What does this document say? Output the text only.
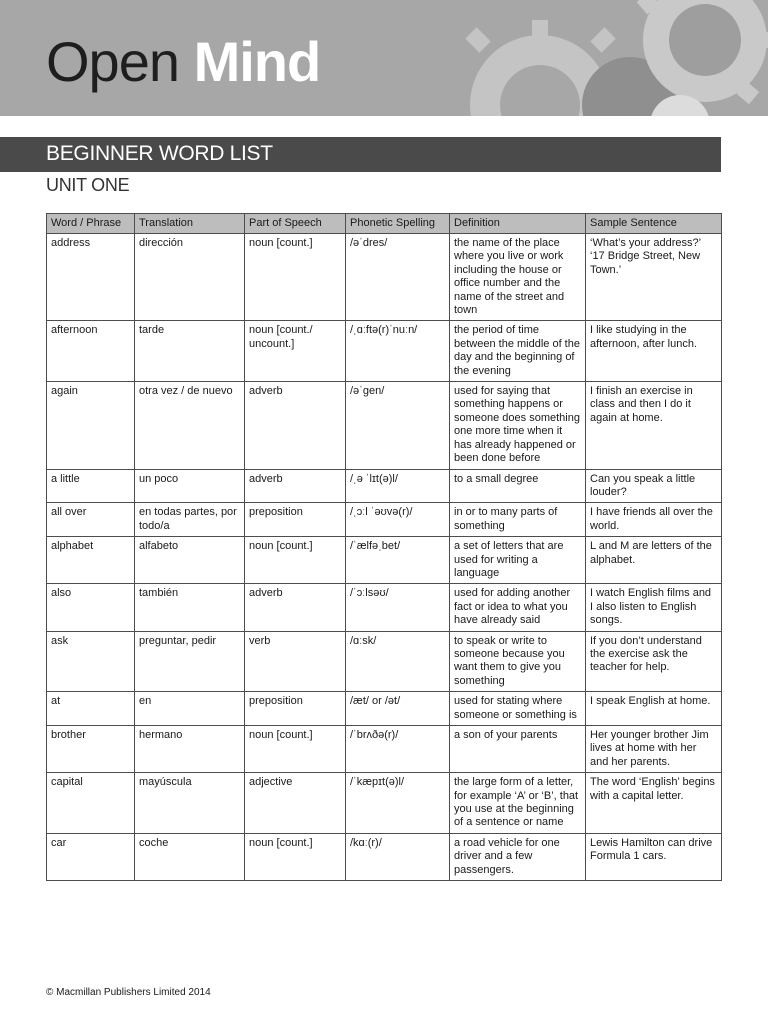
Open Mind
BEGINNER WORD LIST
UNIT ONE
Word / Phrase	Translation	Part of Speech	Phonetic Spelling	Definition	Sample Sentence
address	dirección	noun [count.]	/əˈdres/	the name of the place where you live or work including the house or office number and the name of the street and town	‘What’s your address?’ ‘17 Bridge Street, New Town.’
afternoon	tarde	noun [count./ uncount.]	/ˌɑːftə(r)ˈnuːn/	the period of time between the middle of the day and the beginning of the evening	I like studying in the afternoon, after lunch.
again	otra vez / de nuevo	adverb	/əˈɡen/	used for saying that something happens or someone does something one more time when it has already happened or been done before	I finish an exercise in class and then I do it again at home.
a little	un poco	adverb	/ˌə ˈlɪt(ə)l/	to a small degree	Can you speak a little louder?
all over	en todas partes, por todo/a	preposition	/ˌɔːl ˈəʊvə(r)/	in or to many parts of something	I have friends all over the world.
alphabet	alfabeto	noun [count.]	/ˈælfəˌbet/	a set of letters that are used for writing a language	L and M are letters of the alphabet.
also	también	adverb	/ˈɔːlsəʊ/	used for adding another fact or idea to what you have already said	I watch English films and I also listen to English songs.
ask	preguntar, pedir	verb	/ɑːsk/	to speak or write to someone because you want them to give you something	If you don’t understand the exercise ask the teacher for help.
at	en	preposition	/æt/ or /ət/	used for stating where someone or something is	I speak English at home.
brother	hermano	noun [count.]	/ˈbrʌðə(r)/	a son of your parents	Her younger brother Jim lives at home with her and her parents.
capital	mayúscula	adjective	/ˈkæpɪt(ə)l/	the large form of a letter, for example ‘A’ or ‘B’, that you use at the beginning of a sentence or name	The word ‘English’ begins with a capital letter.
car	coche	noun [count.]	/kɑː(r)/	a road vehicle for one driver and a few passengers.	Lewis Hamilton can drive Formula 1 cars.
© Macmillan Publishers Limited 2014
